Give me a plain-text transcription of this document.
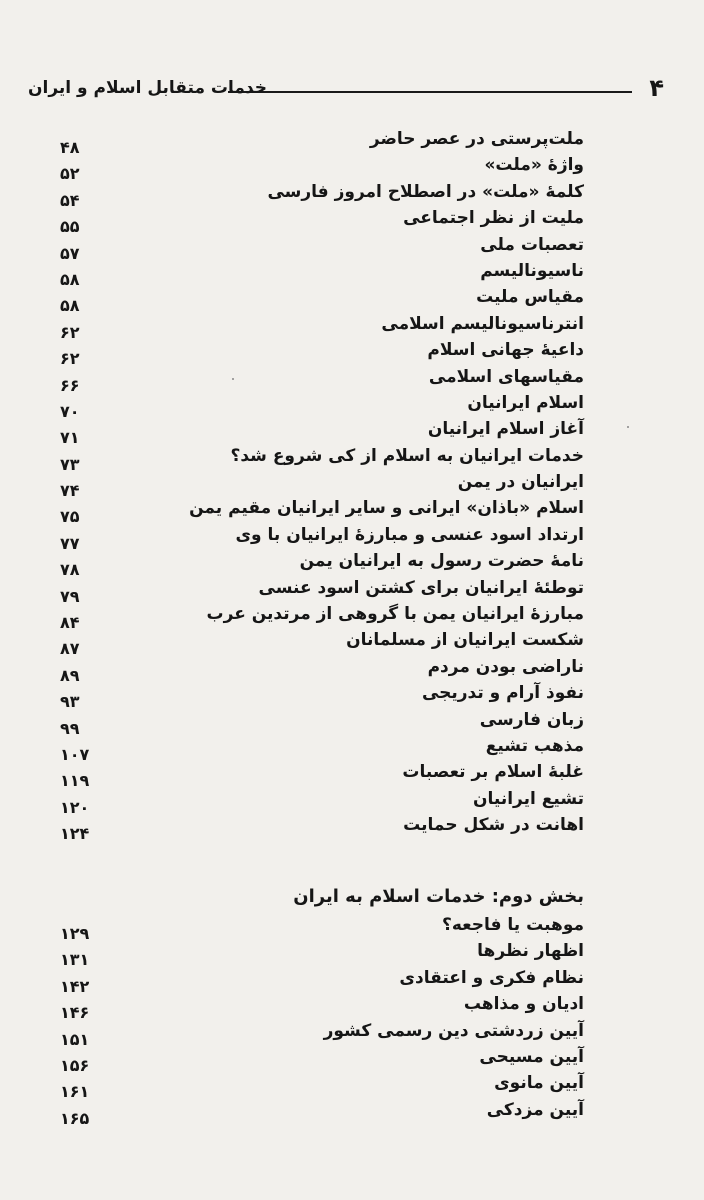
۴
خدمات متقابل اسلام و ایران
ملت‌پرستی در عصر حاضر
۴۸
واژهٔ «ملت»
۵۲
کلمهٔ «ملت» در اصطلاح امروز فارسی
۵۴
ملیت از نظر اجتماعی
۵۵
تعصبات ملی
۵۷
ناسیونالیسم
۵۸
مقیاس ملیت
۵۸
انترناسیونالیسم اسلامی
۶۲
داعیهٔ جهانی اسلام
۶۲
مقیاسهای اسلامی
۶۶
اسلام ایرانیان
۷۰
آغاز اسلام ایرانیان
۷۱
خدمات ایرانیان به اسلام از کی شروع شد؟
۷۳
ایرانیان در یمن
۷۴
اسلام «باذان» ایرانی و سایر ایرانیان مقیم یمن
۷۵
ارتداد اسود عنسی و مبارزهٔ ایرانیان با وی
۷۷
نامهٔ حضرت رسول به ایرانیان یمن
۷۸
توطئهٔ ایرانیان برای کشتن اسود عنسی
۷۹
مبارزهٔ ایرانیان یمن با گروهی از مرتدین عرب
۸۴
شکست ایرانیان از مسلمانان
۸۷
ناراضی بودن مردم
۸۹
نفوذ آرام و تدریجی
۹۳
زبان فارسی
۹۹
مذهب تشیع
۱۰۷
غلبهٔ اسلام بر تعصبات
۱۱۹
تشیع ایرانیان
۱۲۰
اهانت در شکل حمایت
۱۲۴
بخش دوم: خدمات اسلام به ایران
موهبت یا فاجعه؟
۱۲۹
اظهار نظرها
۱۳۱
نظام فکری و اعتقادی
۱۴۲
ادیان و مذاهب
۱۴۶
آیین زردشتی دین رسمی کشور
۱۵۱
آیین مسیحی
۱۵۶
آیین مانوی
۱۶۱
آیین مزدکی
۱۶۵
